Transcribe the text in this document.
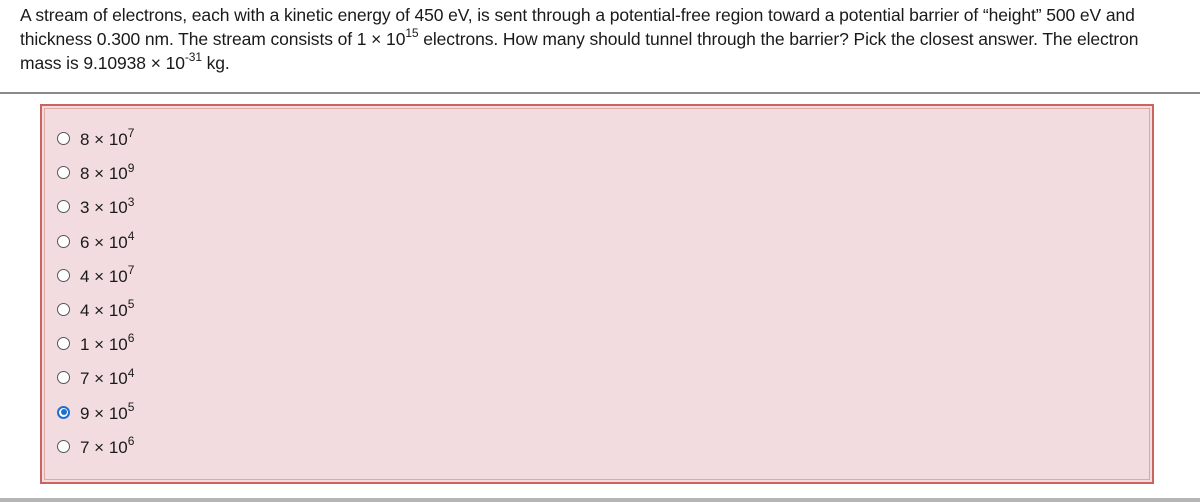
A stream of electrons, each with a kinetic energy of 450 eV, is sent through a potential-free region toward a potential barrier of “height” 500 eV and thickness 0.300 nm. The stream consists of $1 \times 10^{15}$ electrons. How many should tunnel through the barrier? Pick the closest answer. The electron mass is $9.10938 \times 10^{-31}$ kg.
$8 \times 10^7$
$8 \times 10^9$
$3 \times 10^3$
$6 \times 10^4$
$4 \times 10^7$
$4 \times 10^5$
$1 \times 10^6$
$7 \times 10^4$
$9 \times 10^5$
$7 \times 10^6$
